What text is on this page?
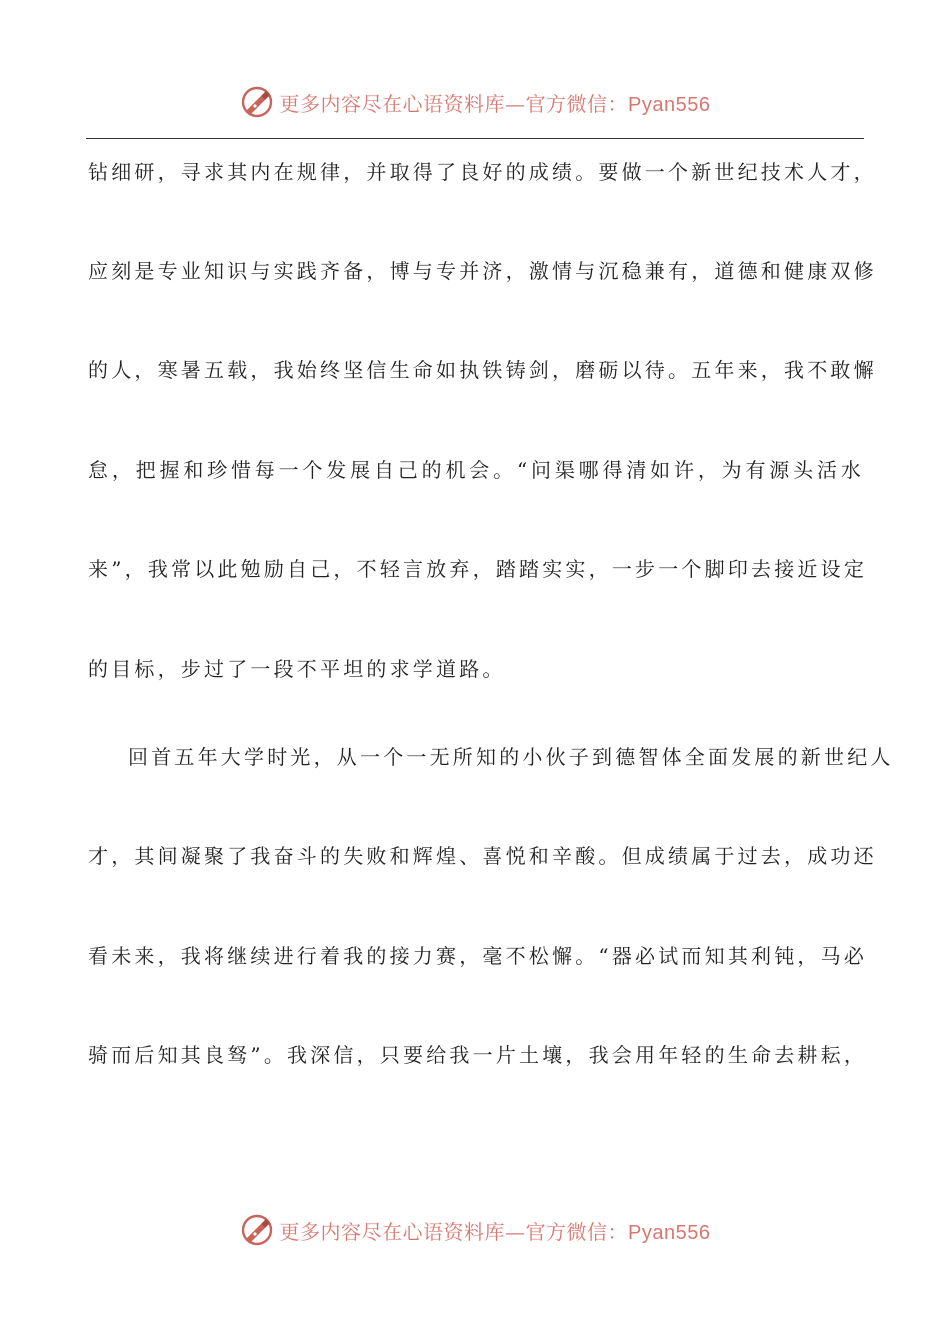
更多内容尽在心语资料库—官方微信：Pyan556
钻细研，寻求其内在规律，并取得了良好的成绩。要做一个新世纪技术人才，
应刻是专业知识与实践齐备，博与专并济，激情与沉稳兼有，道德和健康双修
的人，寒暑五载，我始终坚信生命如执铁铸剑，磨砺以待。五年来，我不敢懈
怠，把握和珍惜每一个发展自己的机会。“问渠哪得清如许，为有源头活水
来”，我常以此勉励自己，不轻言放弃，踏踏实实，一步一个脚印去接近设定
的目标，步过了一段不平坦的求学道路。
回首五年大学时光，从一个一无所知的小伙子到德智体全面发展的新世纪人
才，其间凝聚了我奋斗的失败和辉煌、喜悦和辛酸。但成绩属于过去，成功还
看未来，我将继续进行着我的接力赛，毫不松懈。“器必试而知其利钝，马必
骑而后知其良驽”。我深信，只要给我一片土壤，我会用年轻的生命去耕耘，
更多内容尽在心语资料库—官方微信：Pyan556
